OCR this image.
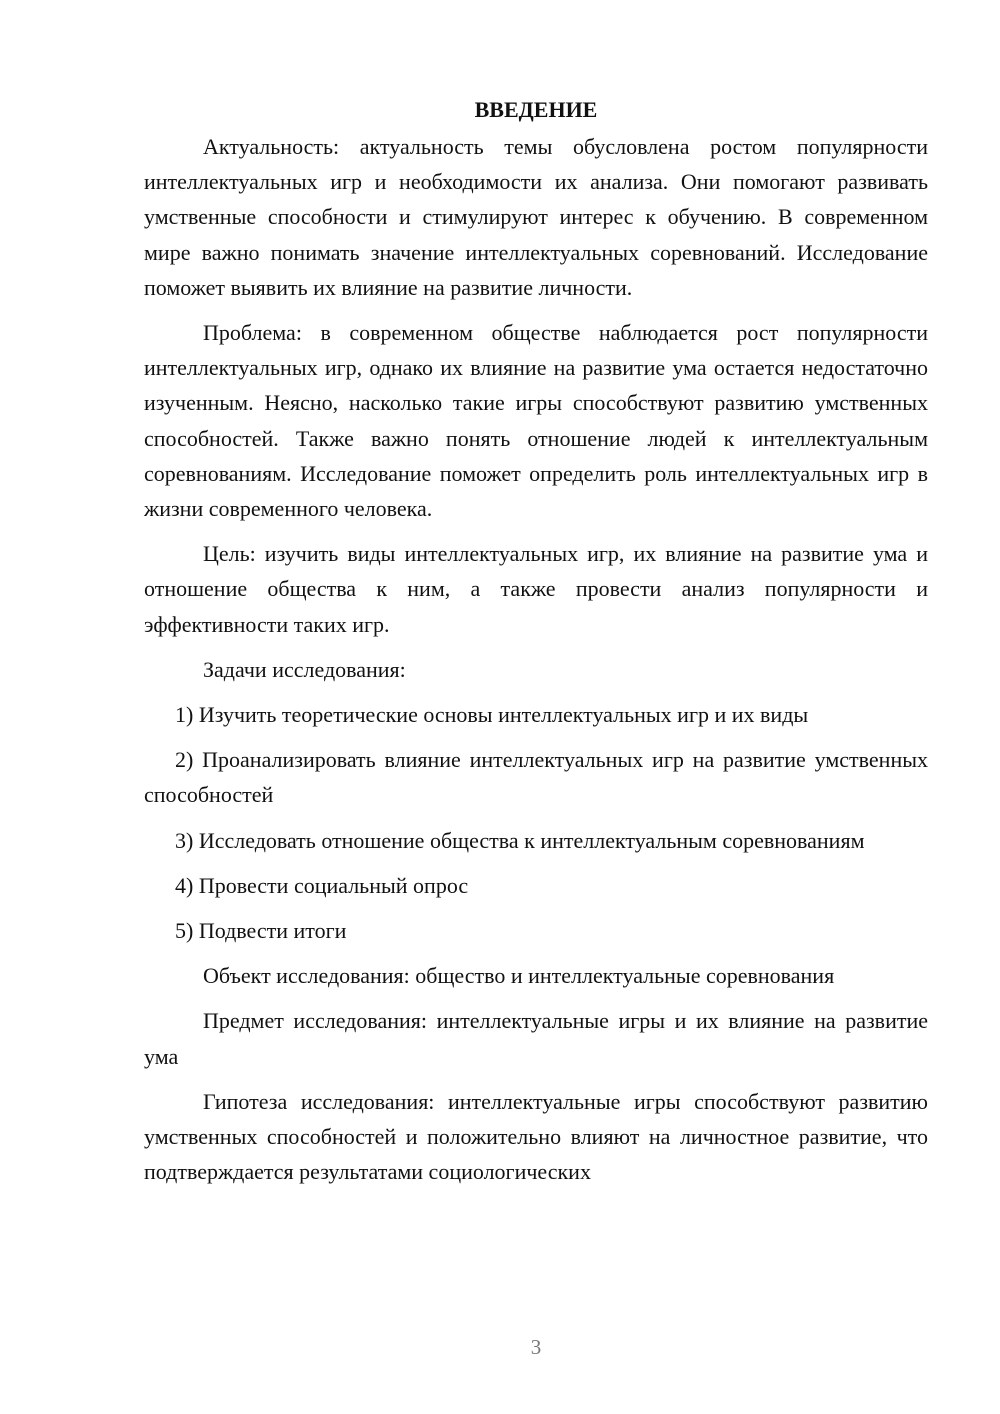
ВВЕДЕНИЕ

Актуальность: актуальность темы обусловлена ростом популярности интеллектуальных игр и необходимости их анализа. Они помогают развивать умственные способности и стимулируют интерес к обучению. В современном мире важно понимать значение интеллектуальных соревнований. Исследование поможет выявить их влияние на развитие личности.

Проблема: в современном обществе наблюдается рост популярности интеллектуальных игр, однако их влияние на развитие ума остается недостаточно изученным. Неясно, насколько такие игры способствуют развитию умственных способностей. Также важно понять отношение людей к интеллектуальным соревнованиям. Исследование поможет определить роль интеллектуальных игр в жизни современного человека.

Цель: изучить виды интеллектуальных игр, их влияние на развитие ума и отношение общества к ним, а также провести анализ популярности и эффективности таких игр.

Задачи исследования:

1) Изучить теоретические основы интеллектуальных игр и их виды

2) Проанализировать влияние интеллектуальных игр на развитие умственных способностей

3) Исследовать отношение общества к интеллектуальным соревнованиям

4) Провести социальный опрос

5) Подвести итоги

Объект исследования: общество и интеллектуальные соревнования

Предмет исследования: интеллектуальные игры и их влияние на развитие ума

Гипотеза исследования: интеллектуальные игры способствуют развитию умственных способностей и положительно влияют на личностное развитие, что подтверждается результатами социологических

3
